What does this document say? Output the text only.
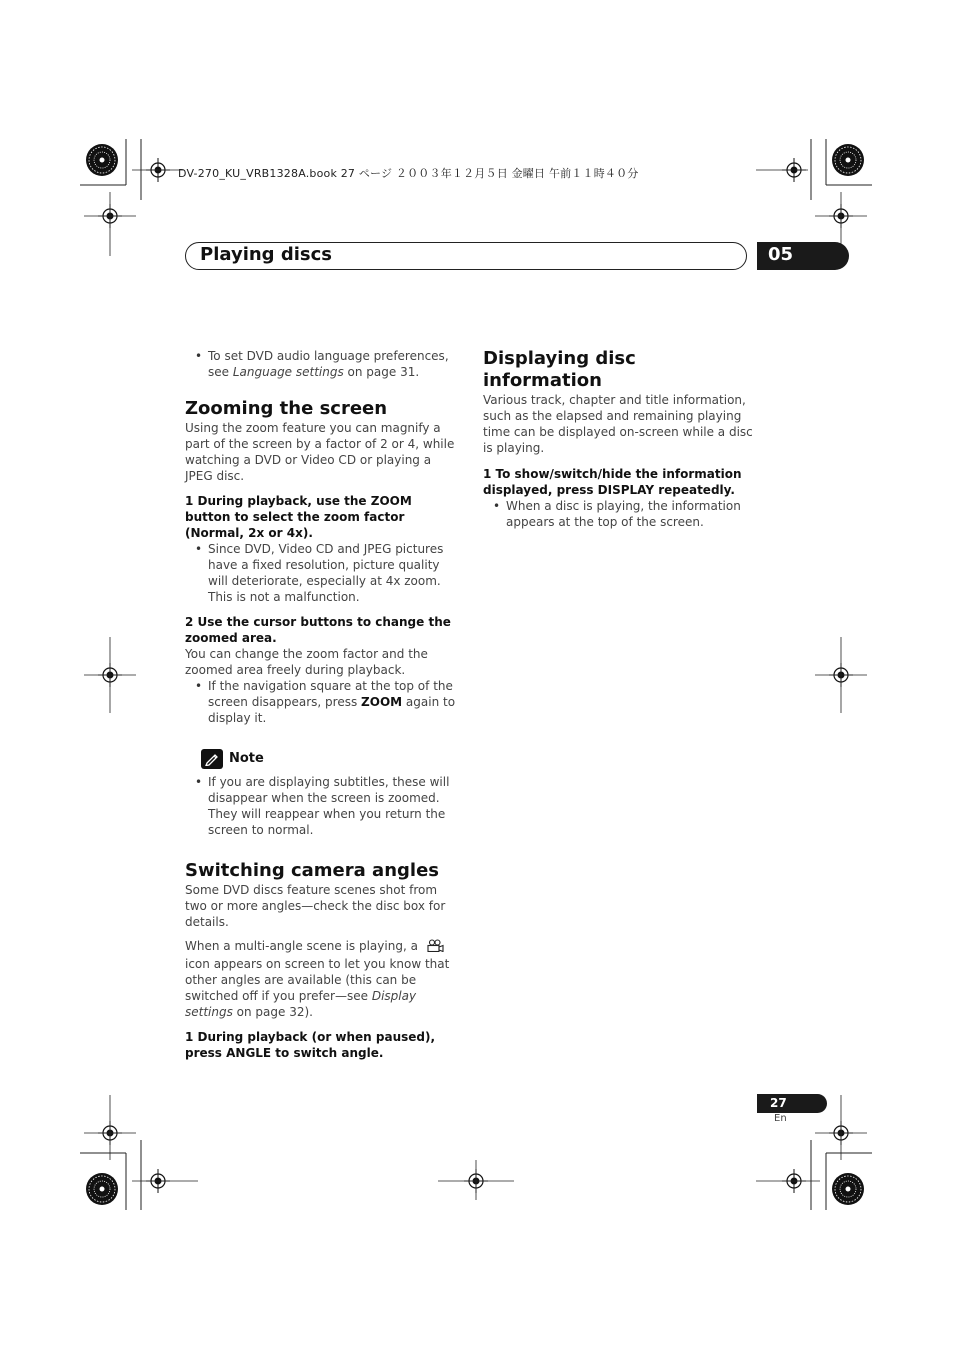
DV-270_KU_VRB1328A.book 27 ページ ２００３年１２月５日 金曜日 午前１１時４０分
Playing discs	05

• To set DVD audio language preferences, see Language settings on page 31.

Zooming the screen

Using the zoom feature you can magnify a part of the screen by a factor of 2 or 4, while watching a DVD or Video CD or playing a JPEG disc.

1 During playback, use the ZOOM button to select the zoom factor (Normal, 2x or 4x).

• Since DVD, Video CD and JPEG pictures have a fixed resolution, picture quality will deteriorate, especially at 4x zoom. This is not a malfunction.

2 Use the cursor buttons to change the zoomed area.

You can change the zoom factor and the zoomed area freely during playback.

• If the navigation square at the top of the screen disappears, press ZOOM again to display it.

Note

• If you are displaying subtitles, these will disappear when the screen is zoomed. They will reappear when you return the screen to normal.

Switching camera angles

Some DVD discs feature scenes shot from two or more angles—check the disc box for details.

When a multi-angle scene is playing, a  icon appears on screen to let you know that other angles are available (this can be switched off if you prefer—see Display settings on page 32).

1 During playback (or when paused), press ANGLE to switch angle.

Displaying disc information

Various track, chapter and title information, such as the elapsed and remaining playing time can be displayed on-screen while a disc is playing.

1 To show/switch/hide the information displayed, press DISPLAY repeatedly.

• When a disc is playing, the information appears at the top of the screen.

27
En
